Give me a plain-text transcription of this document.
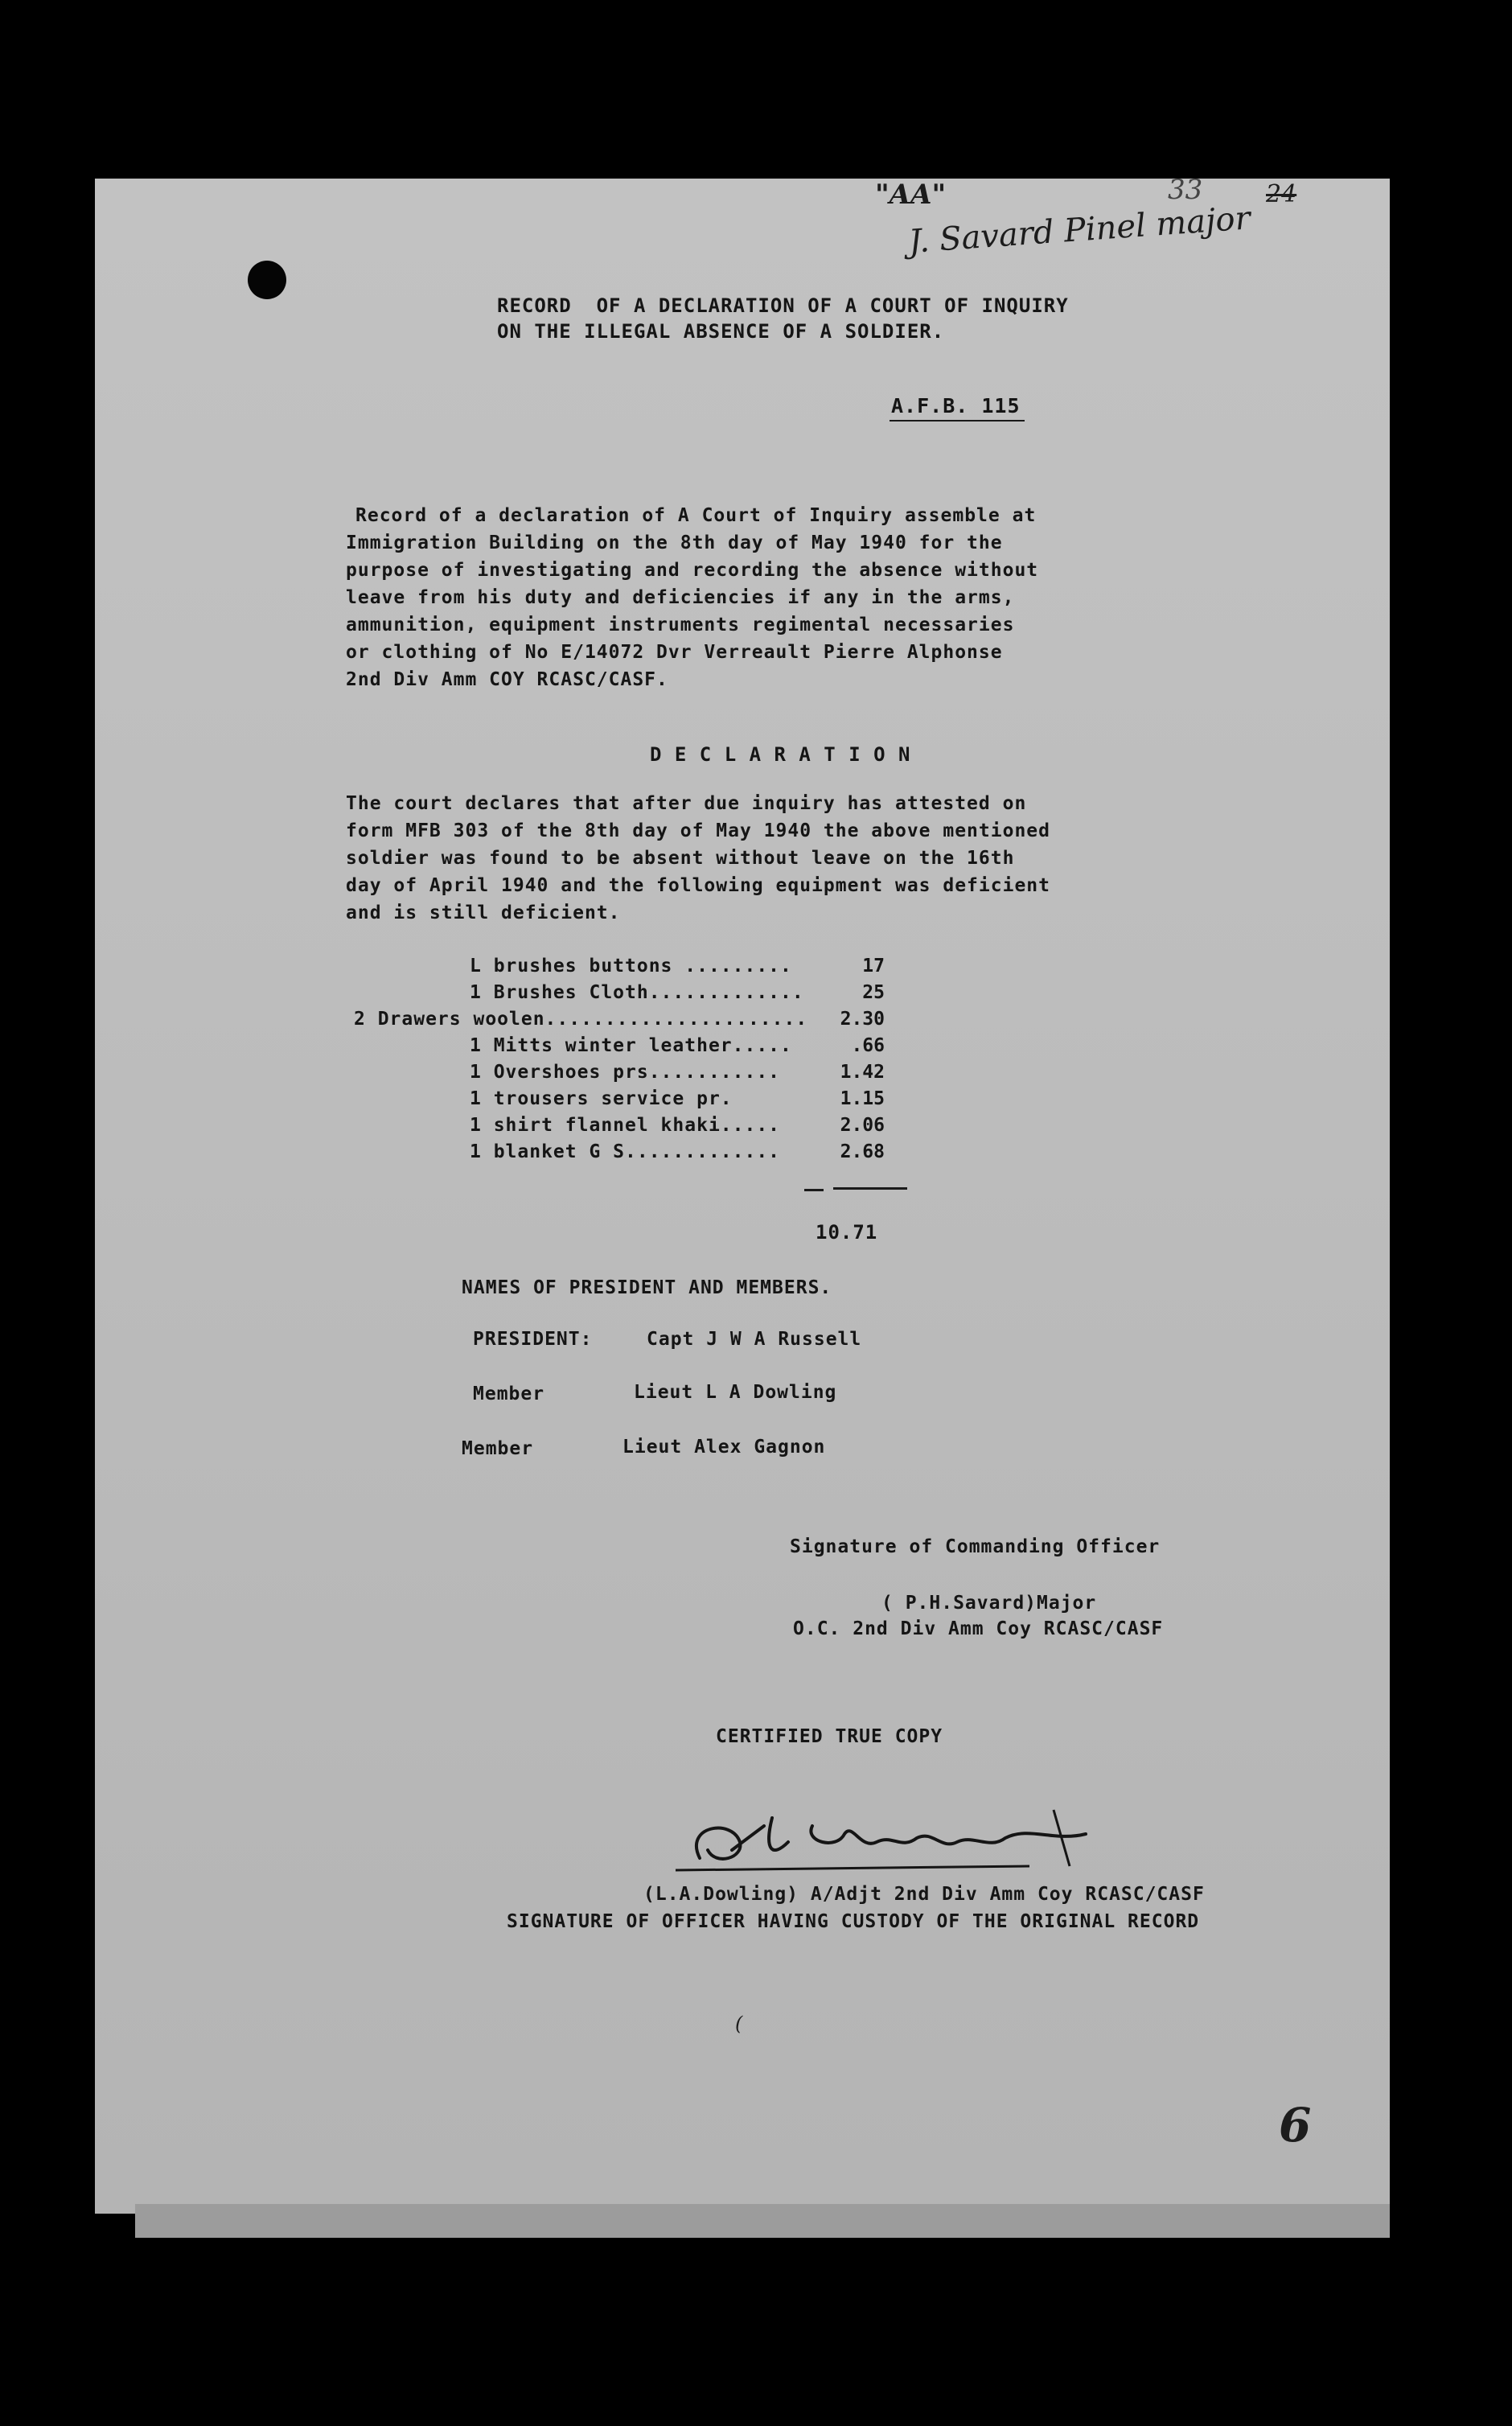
"AA"	33	24
J. Savard Pinel major
RECORD  OF A DECLARATION OF A COURT OF INQUIRY
ON THE ILLEGAL ABSENCE OF A SOLDIER.
A.F.B. 115
Record of a declaration of A Court of Inquiry assemble at
Immigration Building on the 8th day of May 1940 for the
purpose of investigating and recording the absence without
leave from his duty and deficiencies if any in the arms,
ammunition, equipment instruments regimental necessaries
or clothing of No E/14072 Dvr Verreault Pierre Alphonse
2nd Div Amm COY RCASC/CASF.
D E C L A R A T I O N
The court declares that after due inquiry has attested on
form MFB 303 of the 8th day of May 1940 the above mentioned
soldier was found to be absent without leave on the 16th
day of April 1940 and the following equipment was deficient
and is still deficient.
L brushes buttons .........	17
1 Brushes Cloth.............	25
2 Drawers woolen...................... 2.30
1 Mitts winter leather.....	.66
1 Overshoes prs...........	1.42
1 trousers service pr.	1.15
1 shirt flannel khaki.....	2.06
1 blanket G S.............	2.68
10.71
NAMES OF PRESIDENT AND MEMBERS.
PRESIDENT:	Capt J W A Russell
Member	Lieut L A Dowling
Member	Lieut Alex Gagnon
Signature of Commanding Officer
( P.H.Savard)Major
O.C. 2nd Div Amm Coy RCASC/CASF
CERTIFIED TRUE COPY
(L.A.Dowling) A/Adjt 2nd Div Amm Coy RCASC/CASF
SIGNATURE OF OFFICER HAVING CUSTODY OF THE ORIGINAL RECORD
(
6
